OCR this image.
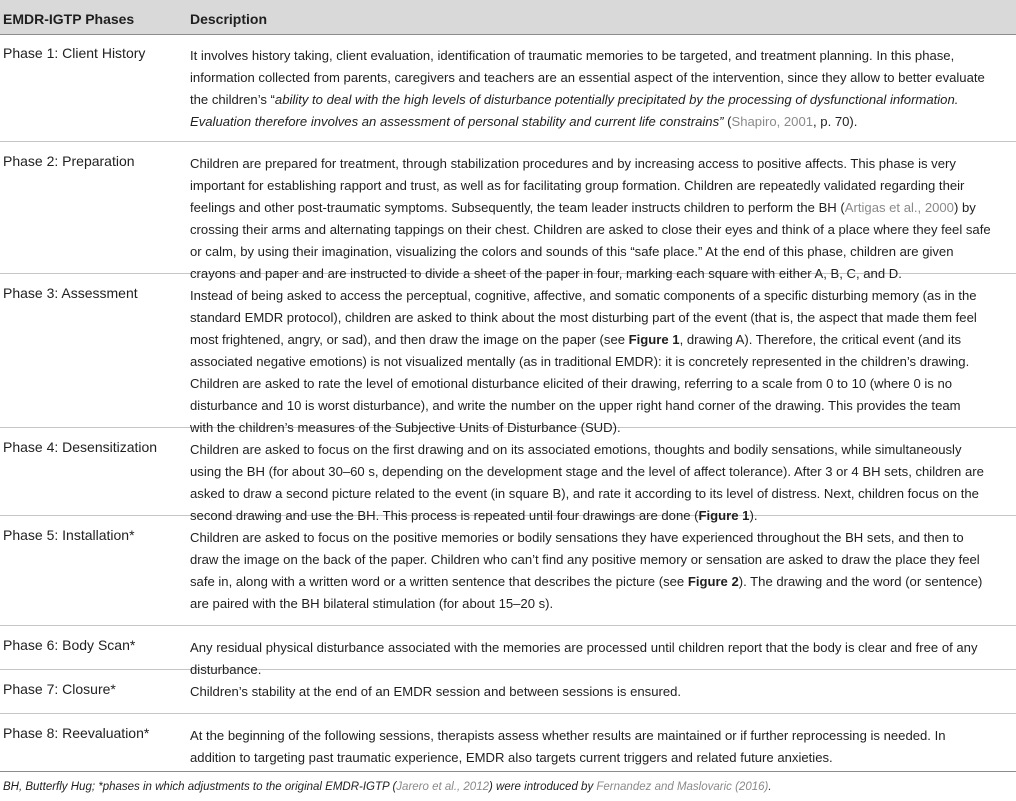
EMDR-IGTP Phases	Description
Phase 1: Client History	It involves history taking, client evaluation, identification of traumatic memories to be targeted, and treatment planning. In this phase,
information collected from parents, caregivers and teachers are an essential aspect of the intervention, since they allow to better evaluate
the children’s “ability to deal with the high levels of disturbance potentially precipitated by the processing of dysfunctional information.
Evaluation therefore involves an assessment of personal stability and current life constrains” (Shapiro, 2001, p. 70).
Phase 2: Preparation	Children are prepared for treatment, through stabilization procedures and by increasing access to positive affects. This phase is very
important for establishing rapport and trust, as well as for facilitating group formation. Children are repeatedly validated regarding their
feelings and other post-traumatic symptoms. Subsequently, the team leader instructs children to perform the BH (Artigas et al., 2000) by
crossing their arms and alternating tappings on their chest. Children are asked to close their eyes and think of a place where they feel safe
or calm, by using their imagination, visualizing the colors and sounds of this “safe place.” At the end of this phase, children are given
crayons and paper and are instructed to divide a sheet of the paper in four, marking each square with either A, B, C, and D.
Phase 3: Assessment	Instead of being asked to access the perceptual, cognitive, affective, and somatic components of a specific disturbing memory (as in the
standard EMDR protocol), children are asked to think about the most disturbing part of the event (that is, the aspect that made them feel
most frightened, angry, or sad), and then draw the image on the paper (see Figure 1, drawing A). Therefore, the critical event (and its
associated negative emotions) is not visualized mentally (as in traditional EMDR): it is concretely represented in the children’s drawing.
Children are asked to rate the level of emotional disturbance elicited of their drawing, referring to a scale from 0 to 10 (where 0 is no
disturbance and 10 is worst disturbance), and write the number on the upper right hand corner of the drawing. This provides the team
with the children’s measures of the Subjective Units of Disturbance (SUD).
Phase 4: Desensitization	Children are asked to focus on the first drawing and on its associated emotions, thoughts and bodily sensations, while simultaneously
using the BH (for about 30–60 s, depending on the development stage and the level of affect tolerance). After 3 or 4 BH sets, children are
asked to draw a second picture related to the event (in square B), and rate it according to its level of distress. Next, children focus on the
second drawing and use the BH. This process is repeated until four drawings are done (Figure 1).
Phase 5: Installation*	Children are asked to focus on the positive memories or bodily sensations they have experienced throughout the BH sets, and then to
draw the image on the back of the paper. Children who can’t find any positive memory or sensation are asked to draw the place they feel
safe in, along with a written word or a written sentence that describes the picture (see Figure 2). The drawing and the word (or sentence)
are paired with the BH bilateral stimulation (for about 15–20 s).
Phase 6: Body Scan*	Any residual physical disturbance associated with the memories are processed until children report that the body is clear and free of any
disturbance.
Phase 7: Closure*	Children’s stability at the end of an EMDR session and between sessions is ensured.
Phase 8: Reevaluation*	At the beginning of the following sessions, therapists assess whether results are maintained or if further reprocessing is needed. In
addition to targeting past traumatic experience, EMDR also targets current triggers and related future anxieties.
BH, Butterfly Hug; *phases in which adjustments to the original EMDR-IGTP (Jarero et al., 2012) were introduced by Fernandez and Maslovaric (2016).
